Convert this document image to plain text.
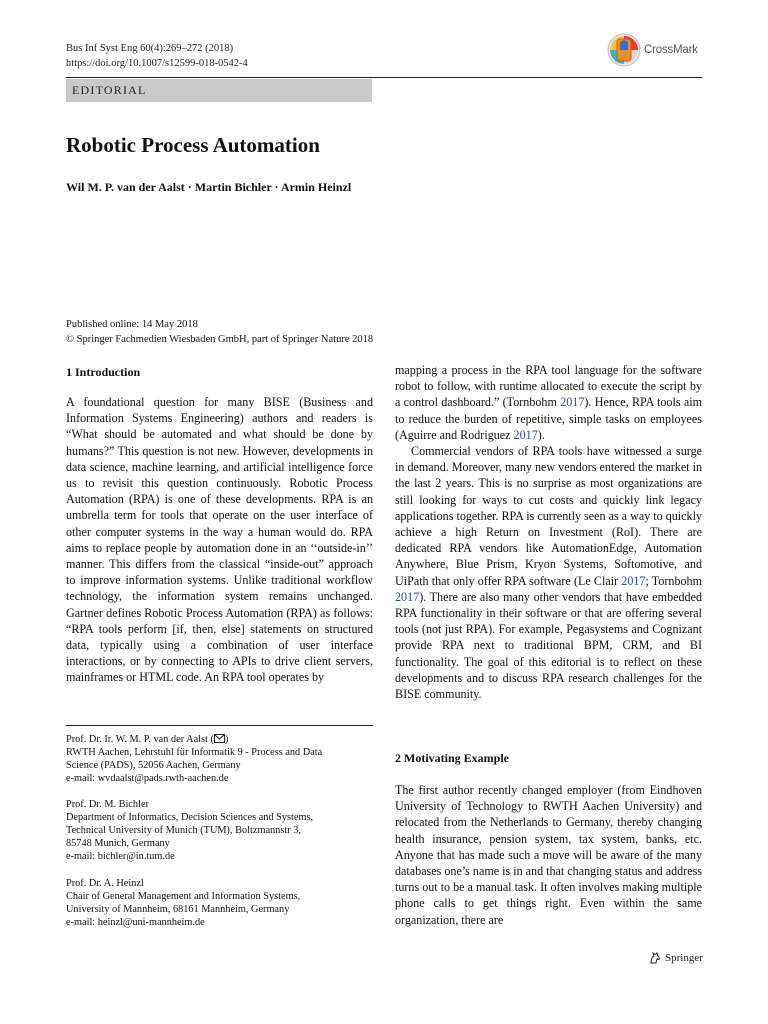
Bus Inf Syst Eng 60(4):269–272 (2018)
https://doi.org/10.1007/s12599-018-0542-4
CrossMark
EDITORIAL
Robotic Process Automation
Wil M. P. van der Aalst · Martin Bichler · Armin Heinzl
Published online: 14 May 2018
© Springer Fachmedien Wiesbaden GmbH, part of Springer Nature 2018
1 Introduction

A foundational question for many BISE (Business and Information Systems Engineering) authors and readers is “What should be automated and what should be done by humans?” This question is not new. However, developments in data science, machine learning, and artificial intelligence force us to revisit this question continuously. Robotic Process Automation (RPA) is one of these developments. RPA is an umbrella term for tools that operate on the user interface of other computer systems in the way a human would do. RPA aims to replace people by automation done in an ‘‘outside-in’’ manner. This differs from the classical “inside-out” approach to improve information systems. Unlike traditional workflow technology, the information system remains unchanged. Gartner defines Robotic Process Automation (RPA) as follows: “RPA tools perform [if, then, else] statements on structured data, typically using a combination of user interface interactions, or by connecting to APIs to drive client servers, mainframes or HTML code. An RPA tool operates by

Prof. Dr. Ir. W. M. P. van der Aalst ( )
RWTH Aachen, Lehrstuhl für Informatik 9 - Process and Data
Science (PADS), 52056 Aachen, Germany
e-mail: wvdaalst@pads.rwth-aachen.de
Prof. Dr. M. Bichler
Department of Informatics, Decision Sciences and Systems,
Technical University of Munich (TUM), Boltzmannstr 3,
85748 Munich, Germany
e-mail: bichler@in.tum.de
Prof. Dr. A. Heinzl
Chair of General Management and Information Systems,
University of Mannheim, 68161 Mannheim, Germany
e-mail: heinzl@uni-mannheim.de

mapping a process in the RPA tool language for the software robot to follow, with runtime allocated to execute the script by a control dashboard.” (Tornbohm 2017). Hence, RPA tools aim to reduce the burden of repetitive, simple tasks on employees (Aguirre and Rodriguez 2017).

Commercial vendors of RPA tools have witnessed a surge in demand. Moreover, many new vendors entered the market in the last 2 years. This is no surprise as most organizations are still looking for ways to cut costs and quickly link legacy applications together. RPA is currently seen as a way to quickly achieve a high Return on Investment (RoI). There are dedicated RPA vendors like AutomationEdge, Automation Anywhere, Blue Prism, Kryon Systems, Softomotive, and UiPath that only offer RPA software (Le Clair 2017; Tornbohm 2017). There are also many other vendors that have embedded RPA functionality in their software or that are offering several tools (not just RPA). For example, Pegasystems and Cognizant provide RPA next to traditional BPM, CRM, and BI functionality. The goal of this editorial is to reflect on these developments and to discuss RPA research challenges for the BISE community.

2 Motivating Example

The first author recently changed employer (from Eindhoven University of Technology to RWTH Aachen University) and relocated from the Netherlands to Germany, thereby changing health insurance, pension system, tax system, banks, etc. Anyone that has made such a move will be aware of the many databases one’s name is in and that changing status and address turns out to be a manual task. It often involves making multiple phone calls to get things right. Even within the same organization, there are

Springer
